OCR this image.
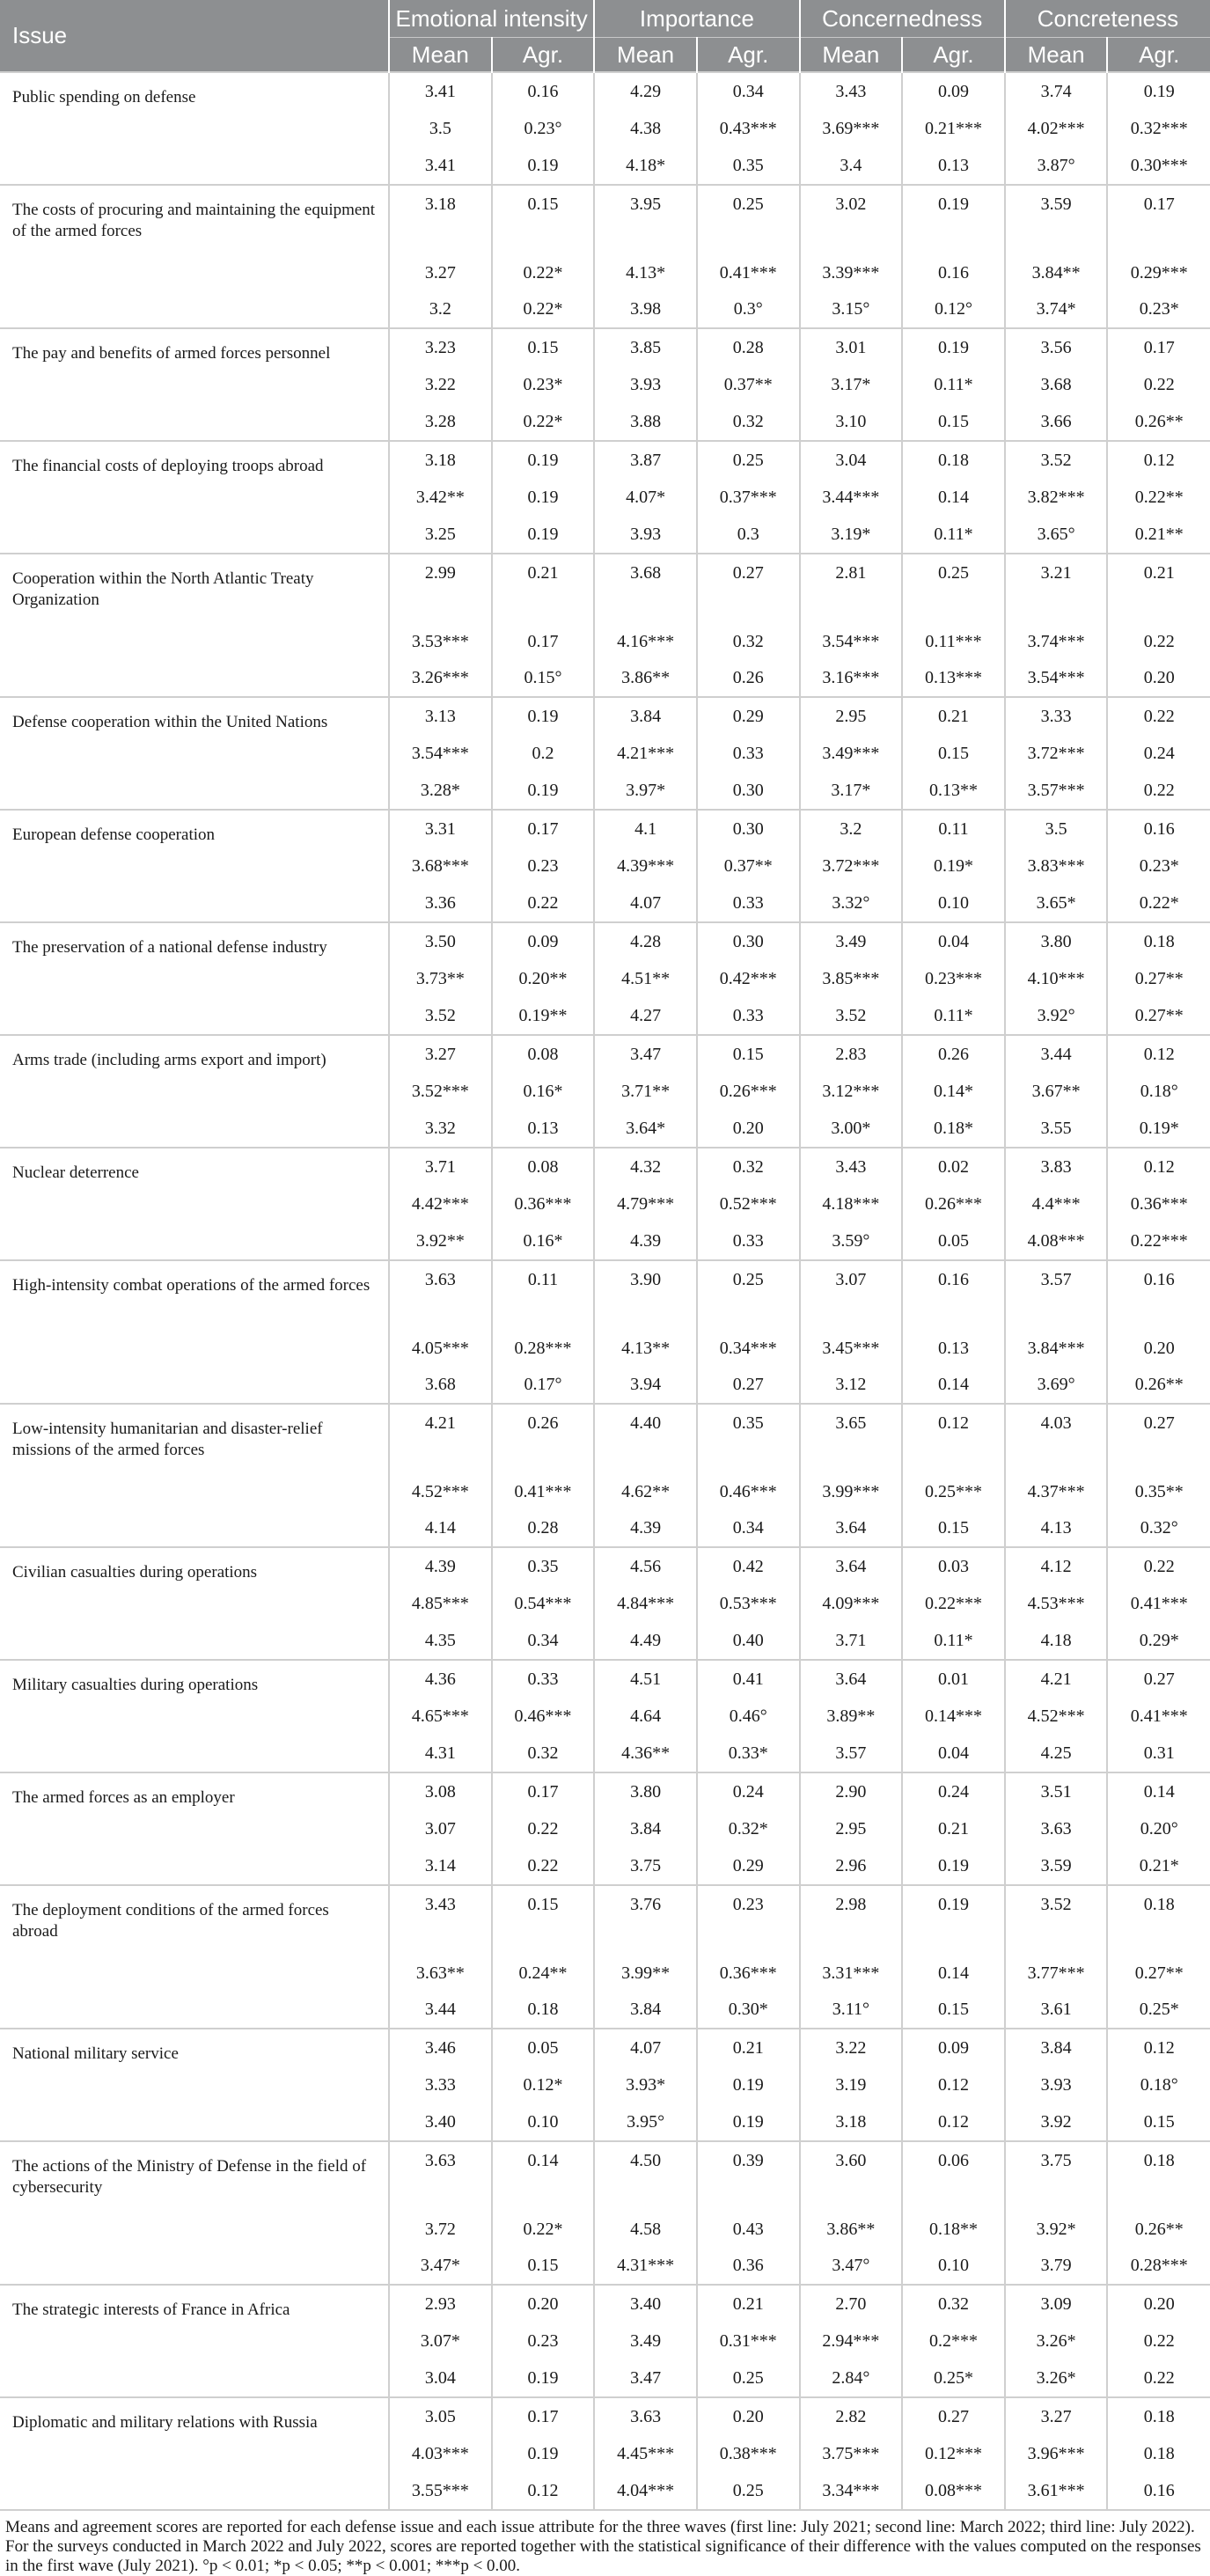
Issue	Emotional intensity		Importance		Concernedness		Concreteness	
	Mean	Agr.	Mean	Agr.	Mean	Agr.	Mean	Agr.
Public spending on defense	3.41	0.16	4.29	0.34	3.43	0.09	3.74	0.19
	3.5	0.23°	4.38	0.43***	3.69***	0.21***	4.02***	0.32***
	3.41	0.19	4.18*	0.35	3.4	0.13	3.87°	0.30***
The costs of procuring and maintaining the equipment of the armed forces	3.18	0.15	3.95	0.25	3.02	0.19	3.59	0.17
	3.27	0.22*	4.13*	0.41***	3.39***	0.16	3.84**	0.29***
	3.2	0.22*	3.98	0.3°	3.15°	0.12°	3.74*	0.23*
The pay and benefits of armed forces personnel	3.23	0.15	3.85	0.28	3.01	0.19	3.56	0.17
	3.22	0.23*	3.93	0.37**	3.17*	0.11*	3.68	0.22
	3.28	0.22*	3.88	0.32	3.10	0.15	3.66	0.26**
The financial costs of deploying troops abroad	3.18	0.19	3.87	0.25	3.04	0.18	3.52	0.12
	3.42**	0.19	4.07*	0.37***	3.44***	0.14	3.82***	0.22**
	3.25	0.19	3.93	0.3	3.19*	0.11*	3.65°	0.21**
Cooperation within the North Atlantic Treaty Organization	2.99	0.21	3.68	0.27	2.81	0.25	3.21	0.21
	3.53***	0.17	4.16***	0.32	3.54***	0.11***	3.74***	0.22
	3.26***	0.15°	3.86**	0.26	3.16***	0.13***	3.54***	0.20
Defense cooperation within the United Nations	3.13	0.19	3.84	0.29	2.95	0.21	3.33	0.22
	3.54***	0.2	4.21***	0.33	3.49***	0.15	3.72***	0.24
	3.28*	0.19	3.97*	0.30	3.17*	0.13**	3.57***	0.22
European defense cooperation	3.31	0.17	4.1	0.30	3.2	0.11	3.5	0.16
	3.68***	0.23	4.39***	0.37**	3.72***	0.19*	3.83***	0.23*
	3.36	0.22	4.07	0.33	3.32°	0.10	3.65*	0.22*
The preservation of a national defense industry	3.50	0.09	4.28	0.30	3.49	0.04	3.80	0.18
	3.73**	0.20**	4.51**	0.42***	3.85***	0.23***	4.10***	0.27**
	3.52	0.19**	4.27	0.33	3.52	0.11*	3.92°	0.27**
Arms trade (including arms export and import)	3.27	0.08	3.47	0.15	2.83	0.26	3.44	0.12
	3.52***	0.16*	3.71**	0.26***	3.12***	0.14*	3.67**	0.18°
	3.32	0.13	3.64*	0.20	3.00*	0.18*	3.55	0.19*
Nuclear deterrence	3.71	0.08	4.32	0.32	3.43	0.02	3.83	0.12
	4.42***	0.36***	4.79***	0.52***	4.18***	0.26***	4.4***	0.36***
	3.92**	0.16*	4.39	0.33	3.59°	0.05	4.08***	0.22***
High-intensity combat operations of the armed forces	3.63	0.11	3.90	0.25	3.07	0.16	3.57	0.16
	4.05***	0.28***	4.13**	0.34***	3.45***	0.13	3.84***	0.20
	3.68	0.17°	3.94	0.27	3.12	0.14	3.69°	0.26**
Low-intensity humanitarian and disaster-relief missions of the armed forces	4.21	0.26	4.40	0.35	3.65	0.12	4.03	0.27
	4.52***	0.41***	4.62**	0.46***	3.99***	0.25***	4.37***	0.35**
	4.14	0.28	4.39	0.34	3.64	0.15	4.13	0.32°
Civilian casualties during operations	4.39	0.35	4.56	0.42	3.64	0.03	4.12	0.22
	4.85***	0.54***	4.84***	0.53***	4.09***	0.22***	4.53***	0.41***
	4.35	0.34	4.49	0.40	3.71	0.11*	4.18	0.29*
Military casualties during operations	4.36	0.33	4.51	0.41	3.64	0.01	4.21	0.27
	4.65***	0.46***	4.64	0.46°	3.89**	0.14***	4.52***	0.41***
	4.31	0.32	4.36**	0.33*	3.57	0.04	4.25	0.31
The armed forces as an employer	3.08	0.17	3.80	0.24	2.90	0.24	3.51	0.14
	3.07	0.22	3.84	0.32*	2.95	0.21	3.63	0.20°
	3.14	0.22	3.75	0.29	2.96	0.19	3.59	0.21*
The deployment conditions of the armed forces abroad	3.43	0.15	3.76	0.23	2.98	0.19	3.52	0.18
	3.63**	0.24**	3.99**	0.36***	3.31***	0.14	3.77***	0.27**
	3.44	0.18	3.84	0.30*	3.11°	0.15	3.61	0.25*
National military service	3.46	0.05	4.07	0.21	3.22	0.09	3.84	0.12
	3.33	0.12*	3.93*	0.19	3.19	0.12	3.93	0.18°
	3.40	0.10	3.95°	0.19	3.18	0.12	3.92	0.15
The actions of the Ministry of Defense in the field of cybersecurity	3.63	0.14	4.50	0.39	3.60	0.06	3.75	0.18
	3.72	0.22*	4.58	0.43	3.86**	0.18**	3.92*	0.26**
	3.47*	0.15	4.31***	0.36	3.47°	0.10	3.79	0.28***
The strategic interests of France in Africa	2.93	0.20	3.40	0.21	2.70	0.32	3.09	0.20
	3.07*	0.23	3.49	0.31***	2.94***	0.2***	3.26*	0.22
	3.04	0.19	3.47	0.25	2.84°	0.25*	3.26*	0.22
Diplomatic and military relations with Russia	3.05	0.17	3.63	0.20	2.82	0.27	3.27	0.18
	4.03***	0.19	4.45***	0.38***	3.75***	0.12***	3.96***	0.18
	3.55***	0.12	4.04***	0.25	3.34***	0.08***	3.61***	0.16
Means and agreement scores are reported for each defense issue and each issue attribute for the three waves (first line: July 2021; second line: March 2022; third line: July 2022). For the surveys conducted in March 2022 and July 2022, scores are reported together with the statistical significance of their difference with the values computed on the responses in the first wave (July 2021). °p < 0.01; *p < 0.05; **p < 0.001; ***p < 0.00.
